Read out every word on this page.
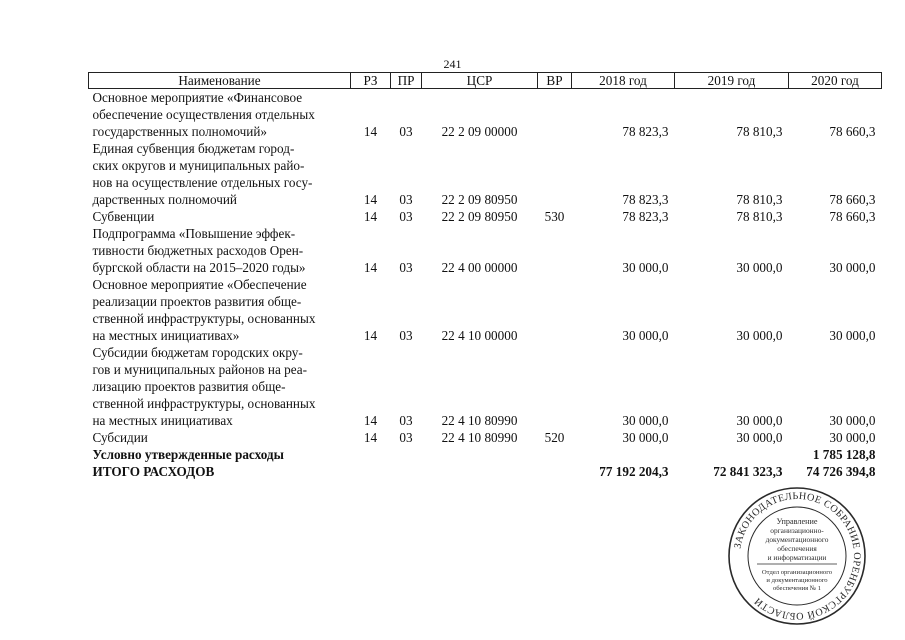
241
Наименование	РЗ	ПР	ЦСР	ВР	2018 год	2019 год	2020 год

Основное мероприятие «Финансовое
обеспечение осуществления отдельных
государственных полномочий»	14	03	22 2 09 00000		78 823,3	78 810,3	78 660,3

Единая субвенция бюджетам город-
ских округов и муниципальных райо-
нов на осуществление отдельных госу-
дарственных полномочий	14	03	22 2 09 80950		78 823,3	78 810,3	78 660,3

Субвенции	14	03	22 2 09 80950	530	78 823,3	78 810,3	78 660,3

Подпрограмма «Повышение эффек-
тивности бюджетных расходов Орен-
бургской области на 2015–2020 годы»	14	03	22 4 00 00000		30 000,0	30 000,0	30 000,0

Основное мероприятие «Обеспечение
реализации проектов развития обще-
ственной инфраструктуры, основанных
на местных инициативах»	14	03	22 4 10 00000		30 000,0	30 000,0	30 000,0

Субсидии бюджетам городских окру-
гов и муниципальных районов на реа-
лизацию проектов развития обще-
ственной инфраструктуры, основанных
на местных инициативах	14	03	22 4 10 80990		30 000,0	30 000,0	30 000,0

Субсидии	14	03	22 4 10 80990	520	30 000,0	30 000,0	30 000,0

Условно утвержденные расходы							1 785 128,8

ИТОГО РАСХОДОВ					77 192 204,3	72 841 323,3	74 726 394,8
ЗАКОНОДАТЕЛЬНОЕ СОБРАНИЕ ОРЕНБУРГСКОЙ ОБЛАСТИ
Управление
организационно-
документационного
обеспечения
и информатизации
Отдел организационного
и документационного
обеспечения № 1
